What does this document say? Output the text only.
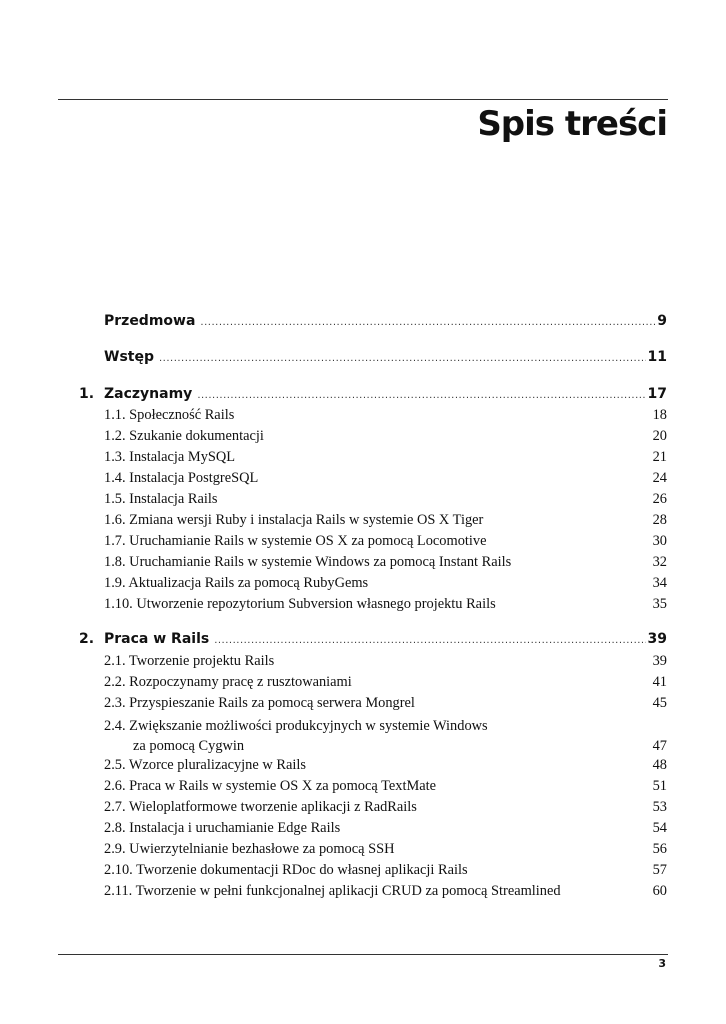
Spis treści
Przedmowa .....	9
Wstęp .....	11
1. Zaczynamy .....	17
1.1. Społeczność Rails	18
1.2. Szukanie dokumentacji	20
1.3. Instalacja MySQL	21
1.4. Instalacja PostgreSQL	24
1.5. Instalacja Rails	26
1.6. Zmiana wersji Ruby i instalacja Rails w systemie OS X Tiger	28
1.7. Uruchamianie Rails w systemie OS X za pomocą Locomotive	30
1.8. Uruchamianie Rails w systemie Windows za pomocą Instant Rails	32
1.9. Aktualizacja Rails za pomocą RubyGems	34
1.10. Utworzenie repozytorium Subversion własnego projektu Rails	35
2. Praca w Rails .....	39
2.1. Tworzenie projektu Rails	39
2.2. Rozpoczynamy pracę z rusztowaniami	41
2.3. Przyspieszanie Rails za pomocą serwera Mongrel	45
2.4. Zwiększanie możliwości produkcyjnych w systemie Windows
za pomocą Cygwin	47
2.5. Wzorce pluralizacyjne w Rails	48
2.6. Praca w Rails w systemie OS X za pomocą TextMate	51
2.7. Wieloplatformowe tworzenie aplikacji z RadRails	53
2.8. Instalacja i uruchamianie Edge Rails	54
2.9. Uwierzytelnianie bezhasłowe za pomocą SSH	56
2.10. Tworzenie dokumentacji RDoc do własnej aplikacji Rails	57
2.11. Tworzenie w pełni funkcjonalnej aplikacji CRUD za pomocą Streamlined	60
3
